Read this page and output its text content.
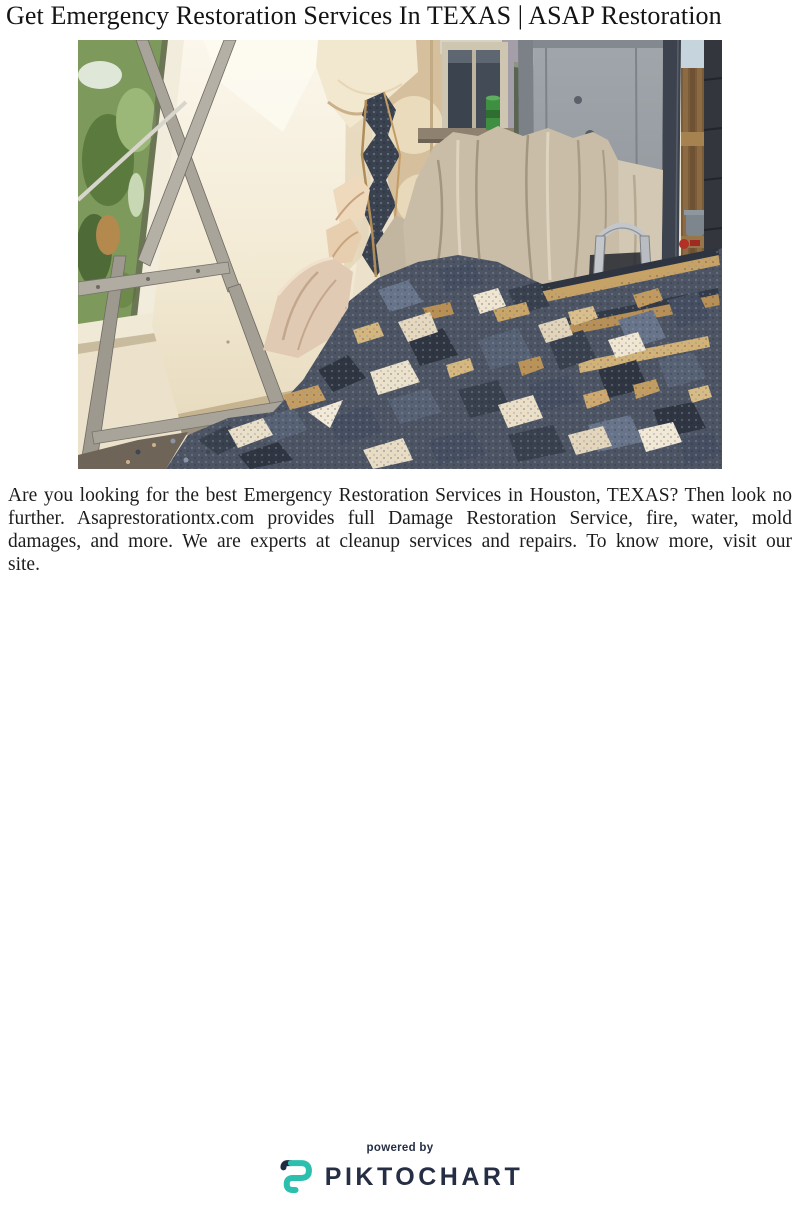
Get Emergency Restoration Services In TEXAS | ASAP Restoration
Are you looking for the best Emergency Restoration Services in Houston, TEXAS? Then look no
further. Asaprestorationtx.com provides full Damage Restoration Service, fire, water, mold
damages, and more. We are experts at cleanup services and repairs. To know more, visit our
site.
powered by
PIKTOCHART
